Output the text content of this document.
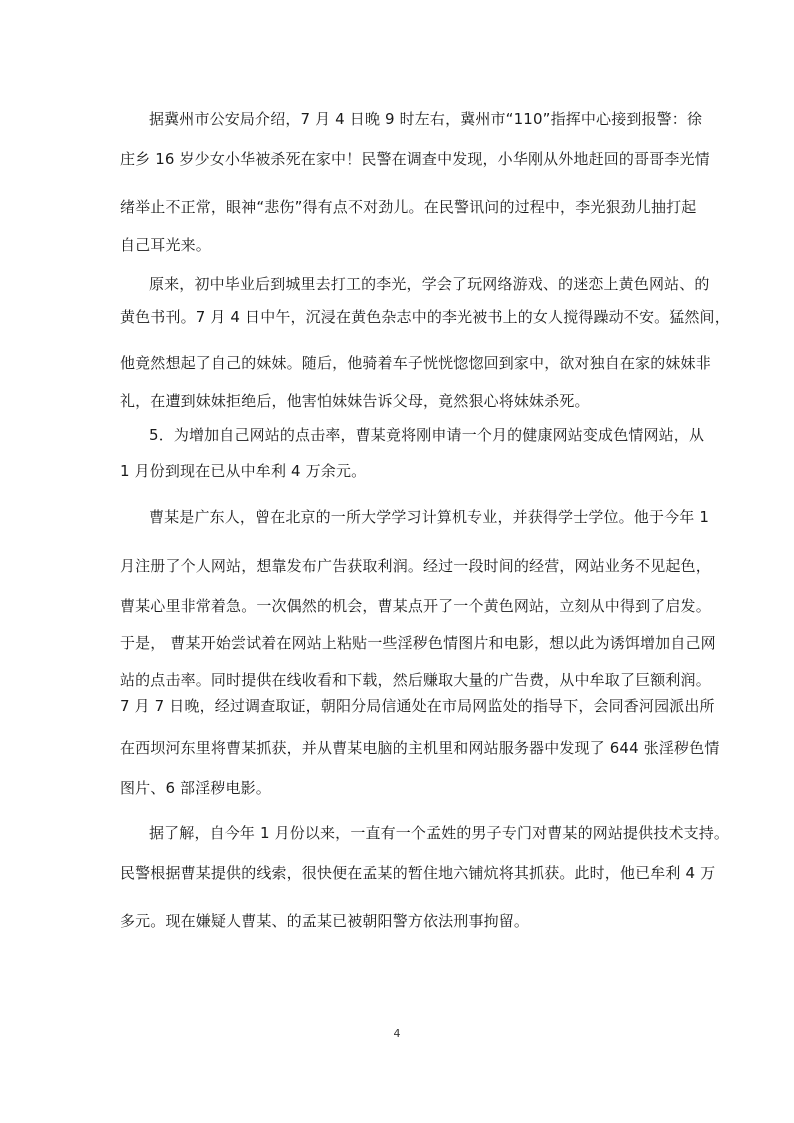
据冀州市公安局介绍，7 月 4 日晚 9 时左右，冀州市“110”指挥中心接到报警：徐
庄乡 16 岁少女小华被杀死在家中！民警在调查中发现，小华刚从外地赶回的哥哥李光情
绪举止不正常，眼神“悲伤”得有点不对劲儿。在民警讯问的过程中，李光狠劲儿抽打起
自己耳光来。
原来，初中毕业后到城里去打工的李光，学会了玩网络游戏、的迷恋上黄色网站、的
黄色书刊。7 月 4 日中午，沉浸在黄色杂志中的李光被书上的女人搅得躁动不安。猛然间，
他竟然想起了自己的妹妹。随后，他骑着车子恍恍惚惚回到家中，欲对独自在家的妹妹非
礼，在遭到妹妹拒绝后，他害怕妹妹告诉父母，竟然狠心将妹妹杀死。
5．为增加自己网站的点击率，曹某竟将刚申请一个月的健康网站变成色情网站，从
1 月份到现在已从中牟利 4 万余元。
曹某是广东人，曾在北京的一所大学学习计算机专业，并获得学士学位。他于今年 1
月注册了个人网站，想靠发布广告获取利润。经过一段时间的经营，网站业务不见起色，
曹某心里非常着急。一次偶然的机会，曹某点开了一个黄色网站，立刻从中得到了启发。
于是， 曹某开始尝试着在网站上粘贴一些淫秽色情图片和电影，想以此为诱饵增加自己网
站的点击率。同时提供在线收看和下载，然后赚取大量的广告费，从中牟取了巨额利润。
7 月 7 日晚，经过调查取证，朝阳分局信通处在市局网监处的指导下，会同香河园派出所
在西坝河东里将曹某抓获，并从曹某电脑的主机里和网站服务器中发现了 644 张淫秽色情
图片、6 部淫秽电影。
据了解，自今年 1 月份以来，一直有一个孟姓的男子专门对曹某的网站提供技术支持。
民警根据曹某提供的线索，很快便在孟某的暂住地六铺炕将其抓获。此时，他已牟利 4 万
多元。现在嫌疑人曹某、的孟某已被朝阳警方依法刑事拘留。
4
